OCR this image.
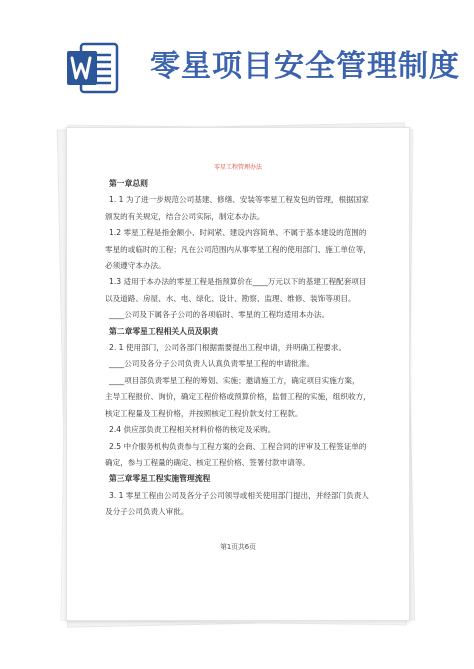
零星项目安全管理制度
零星工程管理办法

第一章总则

1. 1 为了进一步规范公司基建、修缮、安装等零星工程发包的管理，根据国家

颁发的有关规定，结合公司实际，制定本办法。

1.2 零星工程是指金额小、时间紧、建设内容简单、不属于基本建设的范围的

零星的或临时的工程；凡在公司范围内从事零星工程的使用部门、施工单位等，

必须遵守本办法。

1.3 适用于本办法的零星工程是指预算价在____万元以下的基建工程配套项目

以及道路、房屋、水、电、绿化、设计、勘察、监理、维修、装饰等项目。

____公司及下属各子公司的各项临时、零星的工程均适用本办法。

第二章零星工程相关人员及职责

2. 1 使用部门，公司各部门根据需要提出工程申请，并明确工程要求。

____公司及各分子公司负责人认真负责零星工程的申请批准。

____项目部负责零星工程的筹划、实施；邀请施工方，确定项目实施方案，

主导工程报价、询价，确定工程价格或预算价格，监督工程的实施，组织收方，

核定工程量及工程价格，并按照核定工程价款支付工程款。

2.4 供应部负责工程相关材料价格的核定及采购。

2.5 中介服务机构负责参与工程方案的会商、工程合同的评审及工程签证单的

确定，参与工程量的确定、核定工程价格、签署付款申请等。

第三章零星工程实施管理流程

3. 1 零星工程由公司及各分子公司领导或相关使用部门提出，并经部门负责人

及分子公司负责人审批。

第1页共6页
